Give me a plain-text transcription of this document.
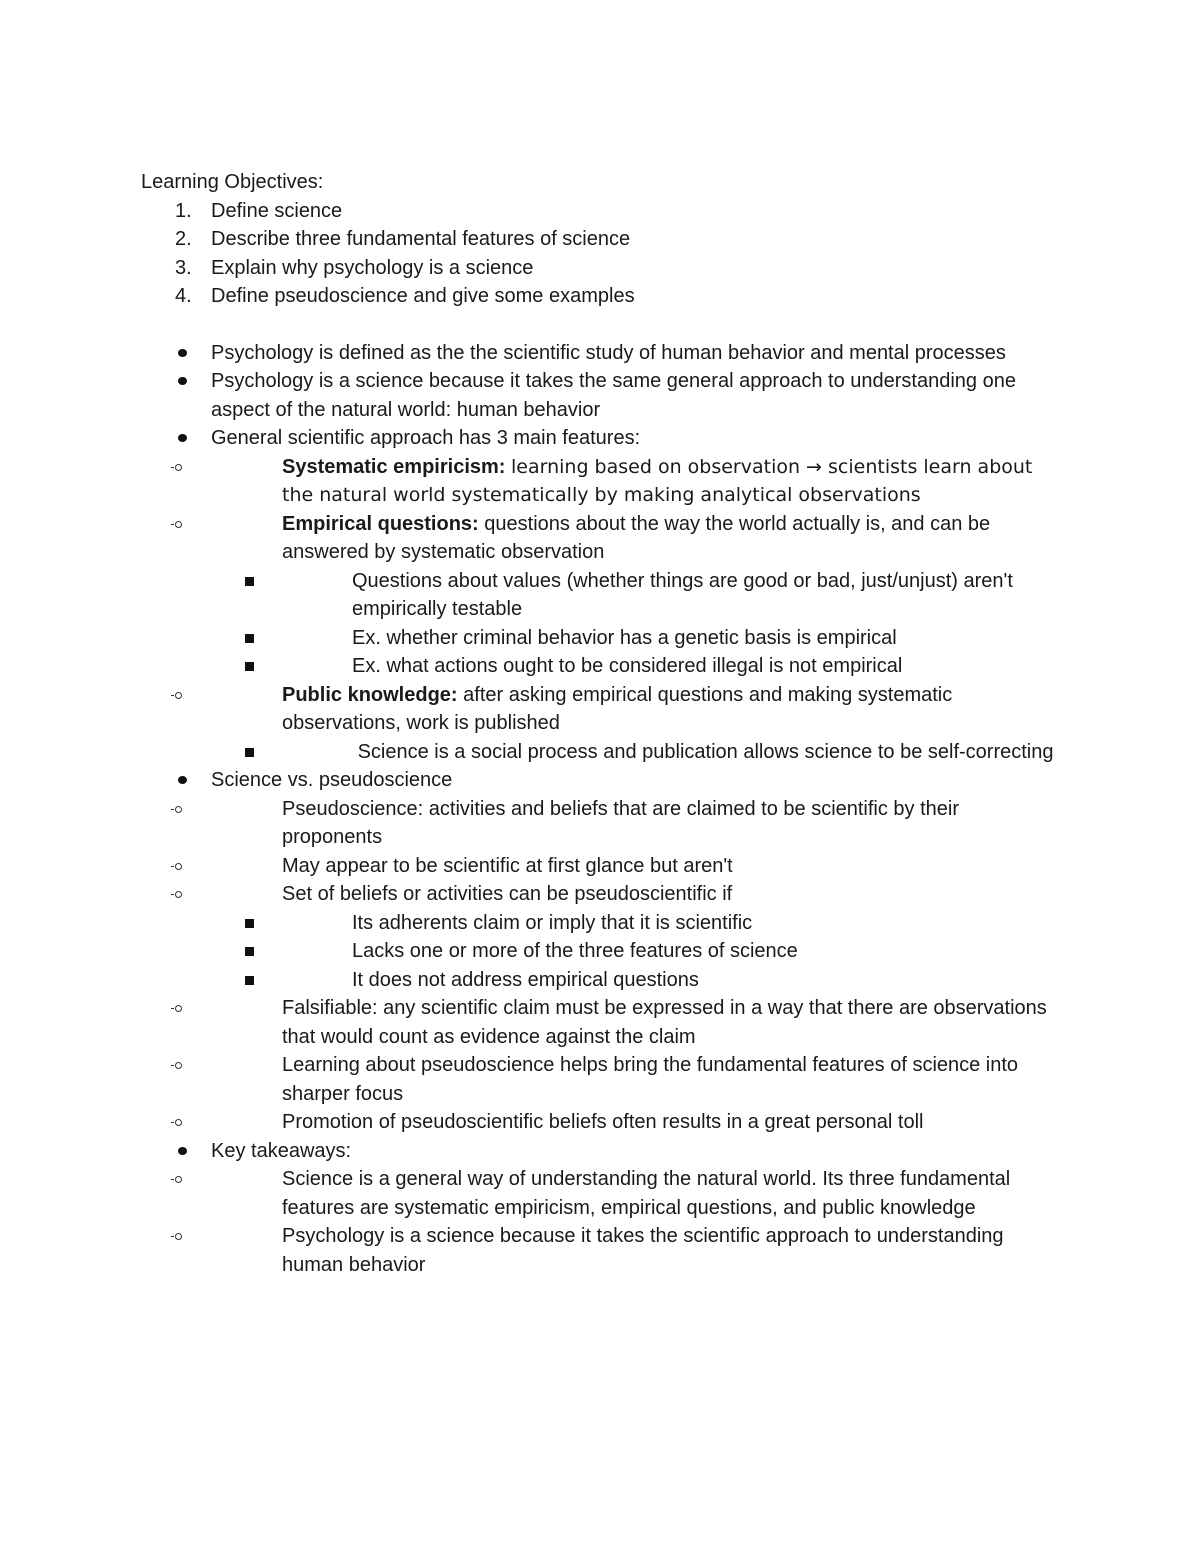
Learning Objectives:
1. Define science
2. Describe three fundamental features of science
3. Explain why psychology is a science
4. Define pseudoscience and give some examples
Psychology is defined as the the scientific study of human behavior and mental processes
Psychology is a science because it takes the same general approach to understanding one aspect of the natural world: human behavior
General scientific approach has 3 main features:
Systematic empiricism: learning based on observation → scientists learn about the natural world systematically by making analytical observations
Empirical questions: questions about the way the world actually is, and can be answered by systematic observation
Questions about values (whether things are good or bad, just/unjust) aren't empirically testable
Ex. whether criminal behavior has a genetic basis is empirical
Ex. what actions ought to be considered illegal is not empirical
Public knowledge: after asking empirical questions and making systematic observations, work is published
Science is a social process and publication allows science to be self-correcting
Science vs. pseudoscience
Pseudoscience: activities and beliefs that are claimed to be scientific by their proponents
May appear to be scientific at first glance but aren't
Set of beliefs or activities can be pseudoscientific if
Its adherents claim or imply that it is scientific
Lacks one or more of the three features of science
It does not address empirical questions
Falsifiable: any scientific claim must be expressed in a way that there are observations that would count as evidence against the claim
Learning about pseudoscience helps bring the fundamental features of science into sharper focus
Promotion of pseudoscientific beliefs often results in a great personal toll
Key takeaways:
Science is a general way of understanding the natural world. Its three fundamental features are systematic empiricism, empirical questions, and public knowledge
Psychology is a science because it takes the scientific approach to understanding human behavior
